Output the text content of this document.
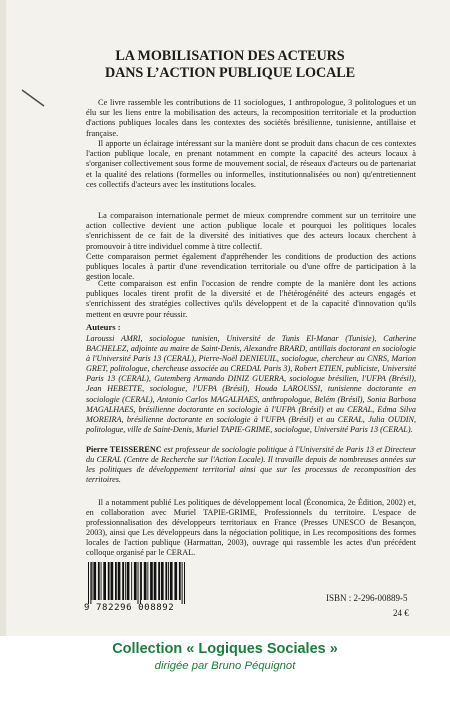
LA MOBILISATION DES ACTEURS
DANS L’ACTION PUBLIQUE LOCALE

Ce livre rassemble les contributions de 11 sociologues, 1 anthropologue, 3 politologues et un élu sur les liens entre la mobilisation des acteurs, la recomposition territoriale et la production d'actions publiques locales dans les contextes des sociétés brésilienne, tunisienne, antillaise et française.

Il apporte un éclairage intéressant sur la manière dont se produit dans chacun de ces contextes l'action publique locale, en prenant notamment en compte la capacité des acteurs locaux à s'organiser collectivement sous forme de mouvement social, de réseaux d'acteurs ou de partenariat et la qualité des relations (formelles ou informelles, institutionnalisées ou non) qu'entretiennent ces collectifs d'acteurs avec les institutions locales.

La comparaison internationale permet de mieux comprendre comment sur un territoire une action collective devient une action publique locale et pourquoi les politiques locales s'enrichissent de ce fait de la diversité des initiatives que des acteurs locaux cherchent à promouvoir à titre individuel comme à titre collectif.

Cette comparaison permet également d'appréhender les conditions de production des actions publiques locales à partir d'une revendication territoriale ou d'une offre de participation à la gestion locale.

Cette comparaison est enfin l'occasion de rendre compte de la manière dont les actions publiques locales tirent profit de la diversité et de l'hétérogénéité des acteurs engagés et s'enrichissent des stratégies collectives qu'ils développent et de la capacité d'innovation qu'ils mettent en œuvre pour réussir.

Auteurs :
Laroussi AMRI, sociologue tunisien, Université de Tunis El-Manar (Tunisie), Catherine BACHELEZ, adjointe au maire de Saint-Denis, Alexandre BRARD, antillais doctorant en sociologie à l'Université Paris 13 (CERAL), Pierre-Noël DENIEUIL, sociologue, chercheur au CNRS, Marion GRET, politologue, chercheuse associée au CREDAL Paris 3), Robert ETIEN, publiciste, Université Paris 13 (CERAL), Gutemberg Armando DINIZ GUERRA, sociologue brésilien, l'UFPA (Brésil), Jean HEBETTE, sociologue, l'UFPA (Brésil), Houda LAROUSSI, tunisienne doctorante en sociologie (CERAL), Antonio Carlos MAGALHAES, anthropologue, Belém (Brésil), Sonia Barbosa MAGALHAES, brésilienne doctorante en sociologie à l'UFPA (Brésil) et au CERAL, Edma Silva MOREIRA, brésilienne doctorante en sociologie à l'UFPA (Brésil) et au CERAL, Julia OUDIN, politologue, ville de Saint-Denis, Muriel TAPIE-GRIME, sociologue, Université Paris 13 (CERAL).
Pierre TEISSERENC est professeur de sociologie politique à l'Université de Paris 13 et Directeur du CERAL (Centre de Recherche sur l'Action Locale). Il travaille depuis de nombreuses années sur les politiques de développement territorial ainsi que sur les processus de recomposition des territoires.

Il a notamment publié Les politiques de développement local (Économica, 2e Édition, 2002) et, en collaboration avec Muriel TAPIE-GRIME, Professionnels du territoire. L'espace de professionnalisation des développeurs territoriaux en France (Presses UNESCO de Besançon, 2003), ainsi que Les développeurs dans la négociation politique, in Les recompositions des formes locales de l'action publique (Harmattan, 2003), ouvrage qui rassemble les actes d'un précédent colloque organisé par le CERAL.

9 782296 008892
ISBN : 2-296-00889-5
24 €
Collection « Logiques Sociales »
dirigée par Bruno Péquignot
